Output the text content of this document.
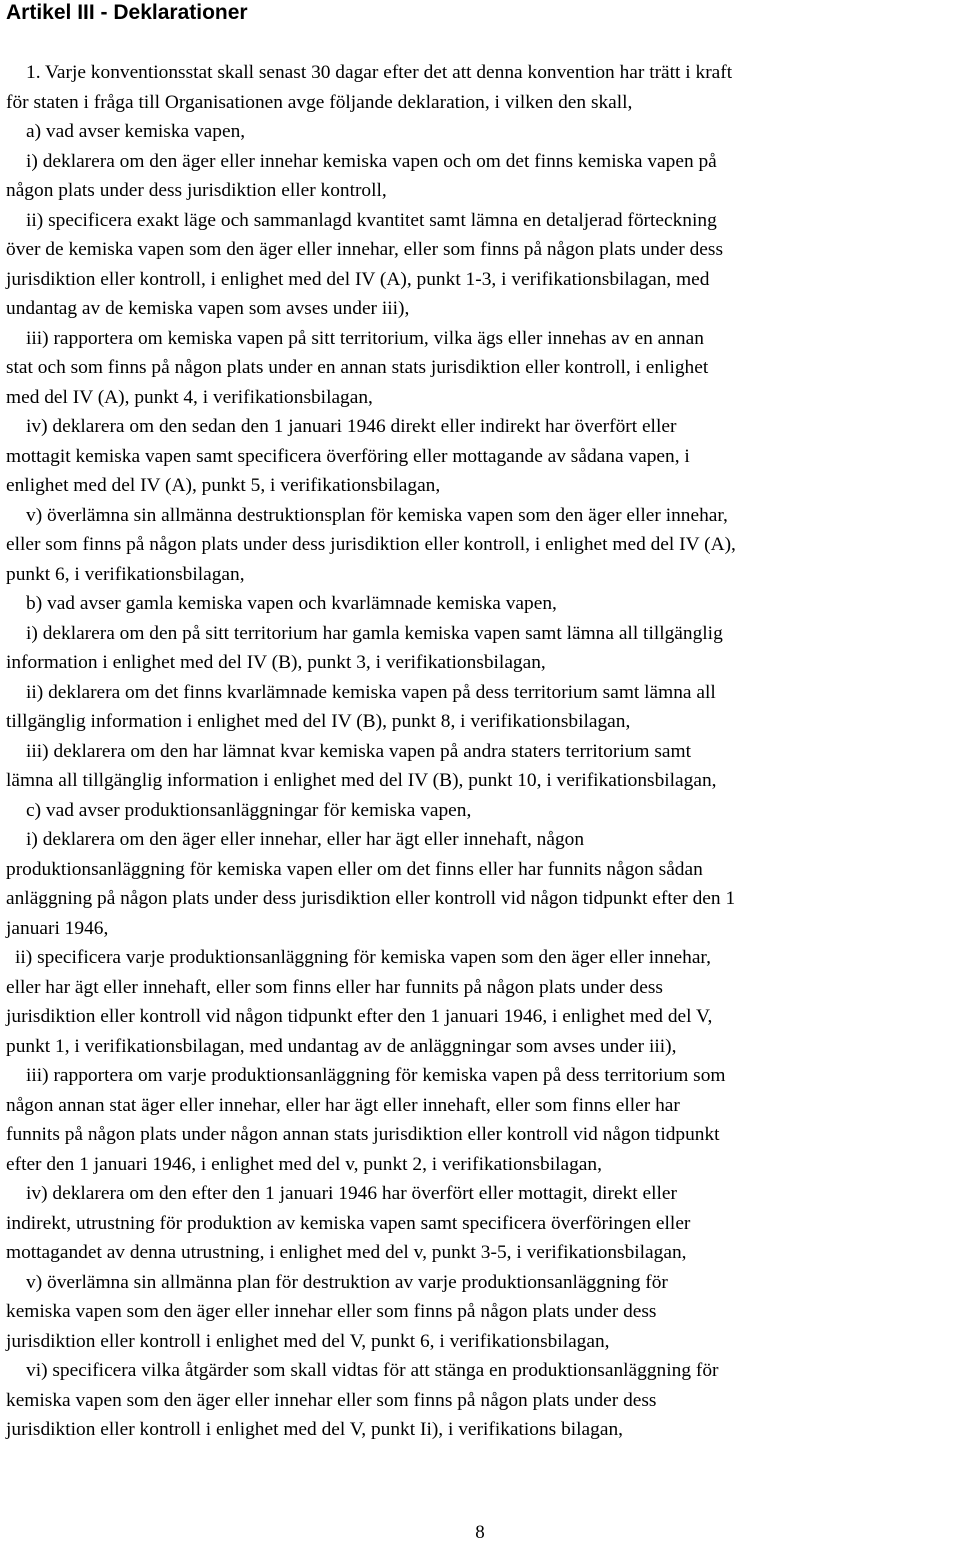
Artikel III - Deklarationer
1. Varje konventionsstat skall senast 30 dagar efter det att denna konvention har trätt i kraft
för staten i fråga till Organisationen avge följande deklaration, i vilken den skall,
a) vad avser kemiska vapen,
i) deklarera om den äger eller innehar kemiska vapen och om det finns kemiska vapen på
någon plats under dess jurisdiktion eller kontroll,
ii) specificera exakt läge och sammanlagd kvantitet samt lämna en detaljerad förteckning
över de kemiska vapen som den äger eller innehar, eller som finns på någon plats under dess
jurisdiktion eller kontroll, i enlighet med del IV (A), punkt 1-3, i verifikationsbilagan, med
undantag av de kemiska vapen som avses under iii),
iii) rapportera om kemiska vapen på sitt territorium, vilka ägs eller innehas av en annan
stat och som finns på någon plats under en annan stats jurisdiktion eller kontroll, i enlighet
med del IV (A), punkt 4, i verifikationsbilagan,
iv) deklarera om den sedan den 1 januari 1946 direkt eller indirekt har överfört eller
mottagit kemiska vapen samt specificera överföring eller mottagande av sådana vapen, i
enlighet med del IV (A), punkt 5, i verifikationsbilagan,
v) överlämna sin allmänna destruktionsplan för kemiska vapen som den äger eller innehar,
eller som finns på någon plats under dess jurisdiktion eller kontroll, i enlighet med del IV (A),
punkt 6, i verifikationsbilagan,
b) vad avser gamla kemiska vapen och kvarlämnade kemiska vapen,
i) deklarera om den på sitt territorium har gamla kemiska vapen samt lämna all tillgänglig
information i enlighet med del IV (B), punkt 3, i verifikationsbilagan,
ii) deklarera om det finns kvarlämnade kemiska vapen på dess territorium samt lämna all
tillgänglig information i enlighet med del IV (B), punkt 8, i verifikationsbilagan,
iii) deklarera om den har lämnat kvar kemiska vapen på andra staters territorium samt
lämna all tillgänglig information i enlighet med del IV (B), punkt 10, i verifikationsbilagan,
c) vad avser produktionsanläggningar för kemiska vapen,
i) deklarera om den äger eller innehar, eller har ägt eller innehaft, någon
produktionsanläggning för kemiska vapen eller om det finns eller har funnits någon sådan
anläggning på någon plats under dess jurisdiktion eller kontroll vid någon tidpunkt efter den 1
januari 1946,
ii) specificera varje produktionsanläggning för kemiska vapen som den äger eller innehar,
eller har ägt eller innehaft, eller som finns eller har funnits på någon plats under dess
jurisdiktion eller kontroll vid någon tidpunkt efter den 1 januari 1946, i enlighet med del V,
punkt 1, i verifikationsbilagan, med undantag av de anläggningar som avses under iii),
iii) rapportera om varje produktionsanläggning för kemiska vapen på dess territorium som
någon annan stat äger eller innehar, eller har ägt eller innehaft, eller som finns eller har
funnits på någon plats under någon annan stats jurisdiktion eller kontroll vid någon tidpunkt
efter den 1 januari 1946, i enlighet med del v, punkt 2, i verifikationsbilagan,
iv) deklarera om den efter den 1 januari 1946 har överfört eller mottagit, direkt eller
indirekt, utrustning för produktion av kemiska vapen samt specificera överföringen eller
mottagandet av denna utrustning, i enlighet med del v, punkt 3-5, i verifikationsbilagan,
v) överlämna sin allmänna plan för destruktion av varje produktionsanläggning för
kemiska vapen som den äger eller innehar eller som finns på någon plats under dess
jurisdiktion eller kontroll i enlighet med del V, punkt 6, i verifikationsbilagan,
vi) specificera vilka åtgärder som skall vidtas för att stänga en produktionsanläggning för
kemiska vapen som den äger eller innehar eller som finns på någon plats under dess
jurisdiktion eller kontroll i enlighet med del V, punkt Ii), i verifikations bilagan,
8
